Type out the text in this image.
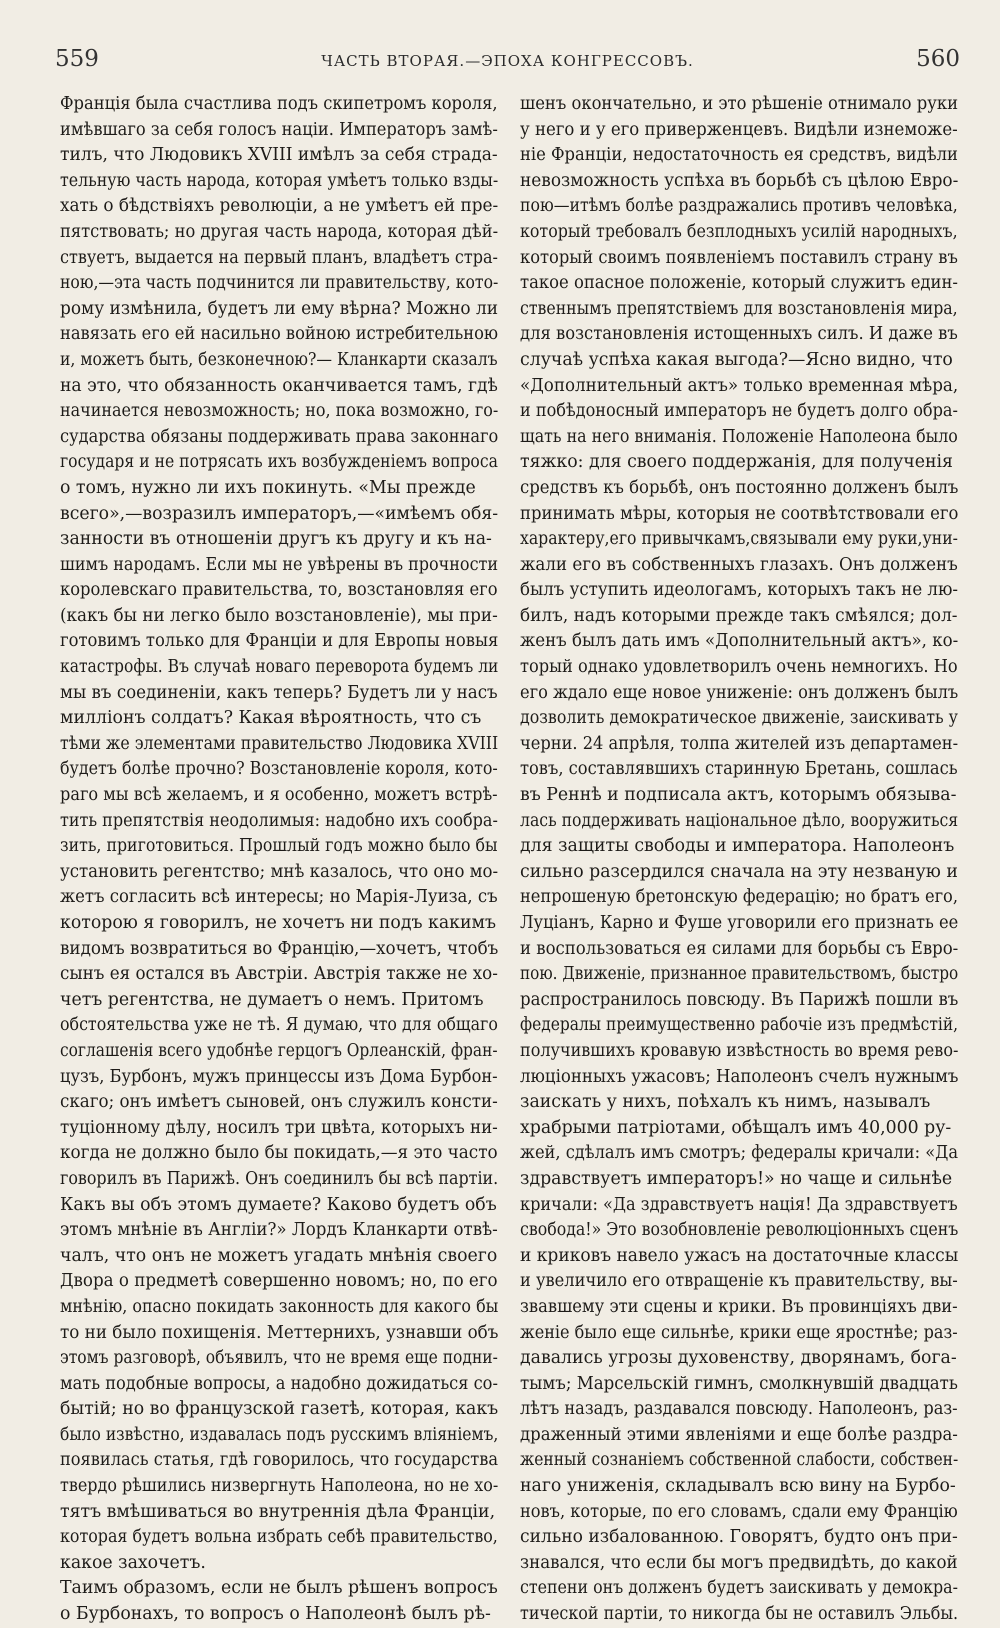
559	ЧАСТЬ ВТОРАЯ.—ЭПОХА КОНГРЕССОВЪ.	560
Францiя была счастлива подъ скипетромъ короля,
имѣвшаго за себя голосъ нацiи. Императоръ замѣ-
тилъ, что Людовикъ XVIII имѣлъ за себя страда-
тельную часть народа, которая умѣетъ только взды-
хать о бѣдствiяхъ революцiи, а не умѣетъ ей пре-
пятствовать; но другая часть народа, которая дѣй-
ствуетъ, выдается на первый планъ, владѣетъ стра-
ною,—эта часть подчинится ли правительству, кото-
рому измѣнила, будетъ ли ему вѣрна? Можно ли
навязать его ей насильно войною истребительною
и, можетъ быть, безконечною?— Кланкарти сказалъ
на это, что обязанность оканчивается тамъ, гдѣ
начинается невозможность; но, пока возможно, го-
сударства обязаны поддерживать права законнаго
государя и не потрясать ихъ возбужденiемъ вопроса
о томъ, нужно ли ихъ покинуть. «Мы прежде
всего»,—возразилъ императоръ,—«имѣемъ обя-
занности въ отношенiи другъ къ другу и къ на-
шимъ народамъ. Если мы не увѣрены въ прочности
королевскаго правительства, то, возстановляя его
(какъ бы ни легко было возстановленiе), мы при-
готовимъ только для Францiи и для Европы новыя
катастрофы. Въ случаѣ новаго переворота будемъ ли
мы въ соединенiи, какъ теперь? Будетъ ли у насъ
миллiонъ солдатъ? Какая вѣроятность, что съ
тѣми же элементами правительство Людовика XVIII
будетъ болѣе прочно? Возстановленiе короля, кото-
раго мы всѣ желаемъ, и я особенно, можетъ встрѣ-
тить препятствiя неодолимыя: надобно ихъ сообра-
зить, приготовиться. Прошлый годъ можно было бы
установить регентство; мнѣ казалось, что оно мо-
жетъ согласить всѣ интересы; но Марiя-Луиза, съ
которою я говорилъ, не хочетъ ни подъ какимъ
видомъ возвратиться во Францiю,—хочетъ, чтобъ
сынъ ея остался въ Австрiи. Австрiя также не хо-
четъ регентства, не думаетъ о немъ. Притомъ
обстоятельства уже не тѣ. Я думаю, что для общаго
соглашенiя всего удобнѣе герцогъ Орлеанскiй, фран-
цузъ, Бурбонъ, мужъ принцессы изъ Дома Бурбон-
скаго; онъ имѣетъ сыновей, онъ служилъ консти-
туцiонному дѣлу, носилъ три цвѣта, которыхъ ни-
когда не должно было бы покидать,—я это часто
говорилъ въ Парижѣ. Онъ соединилъ бы всѣ партiи.
Какъ вы объ этомъ думаете? Каково будетъ объ
этомъ мнѣнiе въ Англiи?» Лордъ Кланкарти отвѣ-
чалъ, что онъ не можетъ угадать мнѣнiя своего
Двора о предметѣ совершенно новомъ; но, по его
мнѣнiю, опасно покидать законность для какого бы
то ни было похищенiя. Меттернихъ, узнавши объ
этомъ разговорѣ, объявилъ, что не время еще подни-
мать подобные вопросы, а надобно дожидаться со-
бытiй; но во французской газетѣ, которая, какъ
было извѣстно, издавалась подъ русскимъ влiянiемъ,
появилась статья, гдѣ говорилось, что государства
твердо рѣшились низвергнуть Наполеона, но не хо-
тятъ вмѣшиваться во внутреннiя дѣла Францiи,
которая будетъ вольна избрать себѣ правительство,
какое захочетъ.
Таимъ образомъ, если не былъ рѣшенъ вопросъ
о Бурбонахъ, то вопросъ о Наполеонѣ былъ рѣ-
шенъ окончательно, и это рѣшенiе отнимало руки
у него и у его приверженцевъ. Видѣли изнеможе-
нiе Францiи, недостаточность ея средствъ, видѣли
невозможность успѣха въ борьбѣ съ цѣлою Евро-
пою—итѣмъ болѣе раздражались противъ человѣка,
который требовалъ безплодныхъ усилiй народныхъ,
который своимъ появленiемъ поставилъ страну въ
такое опасное положенiе, который служитъ един-
ственнымъ препятствiемъ для возстановленiя мира,
для возстановленiя истощенныхъ силъ. И даже въ
случаѣ успѣха какая выгода?—Ясно видно, что
«Дополнительный актъ» только временная мѣра,
и побѣдоносный императоръ не будетъ долго обра-
щать на него вниманiя. Положенiе Наполеона было
тяжко: для своего поддержанiя, для полученiя
средствъ къ борьбѣ, онъ постоянно долженъ былъ
принимать мѣры, которыя не соотвѣтствовали его
характеру,его привычкамъ,связывали ему руки,уни-
жали его въ собственныхъ глазахъ. Онъ долженъ
былъ уступить идеологамъ, которыхъ такъ не лю-
билъ, надъ которыми прежде такъ смѣялся; дол-
женъ былъ дать имъ «Дополнительный актъ», ко-
торый однако удовлетворилъ очень немногихъ. Но
его ждало еще новое униженiе: онъ долженъ былъ
дозволить демократическое движенiе, заискивать у
черни. 24 апрѣля, толпа жителей изъ департамен-
товъ, составлявшихъ старинную Бретань, сошлась
въ Реннѣ и подписала актъ, которымъ обязыва-
лась поддерживать нацiональное дѣло, вооружиться
для защиты свободы и императора. Наполеонъ
сильно разсердился сначала на эту незваную и
непрошеную бретонскую федерацiю; но братъ его,
Луцiанъ, Карно и Фуше уговорили его признать ее
и воспользоваться ея силами для борьбы съ Евро-
пою. Движенiе, признанное правительствомъ, быстро
распространилось повсюду. Въ Парижѣ пошли въ
федералы преимущественно рабочiе изъ предмѣстiй,
получившихъ кровавую извѣстность во время рево-
люцiонныхъ ужасовъ; Наполеонъ счелъ нужнымъ
заискать у нихъ, поѣхалъ къ нимъ, называлъ
храбрыми патрiотами, обѣщалъ имъ 40,000 ру-
жей, сдѣлалъ имъ смотръ; федералы кричали: «Да
здравствуетъ императоръ!» но чаще и сильнѣе
кричали: «Да здравствуетъ нацiя! Да здравствуетъ
свобода!» Это возобновленiе революцiонныхъ сценъ
и криковъ навело ужасъ на достаточные классы
и увеличило его отвращенiе къ правительству, вы-
звавшему эти сцены и крики. Въ провинцiяхъ дви-
женiе было еще сильнѣе, крики еще яростнѣе; раз-
давались угрозы духовенству, дворянамъ, бога-
тымъ; Марсельскiй гимнъ, смолкнувшiй двадцать
лѣтъ назадъ, раздавался повсюду. Наполеонъ, раз-
драженный этими явленiями и еще болѣе раздра-
женный сознанiемъ собственной слабости, собствен-
наго униженiя, складывалъ всю вину на Бурбо-
новъ, которые, по его словамъ, сдали ему Францiю
сильно избалованною. Говорятъ, будто онъ при-
знавался, что если бы могъ предвидѣть, до какой
степени онъ долженъ будетъ заискивать у демокра-
тической партiи, то никогда бы не оставилъ Эльбы.
